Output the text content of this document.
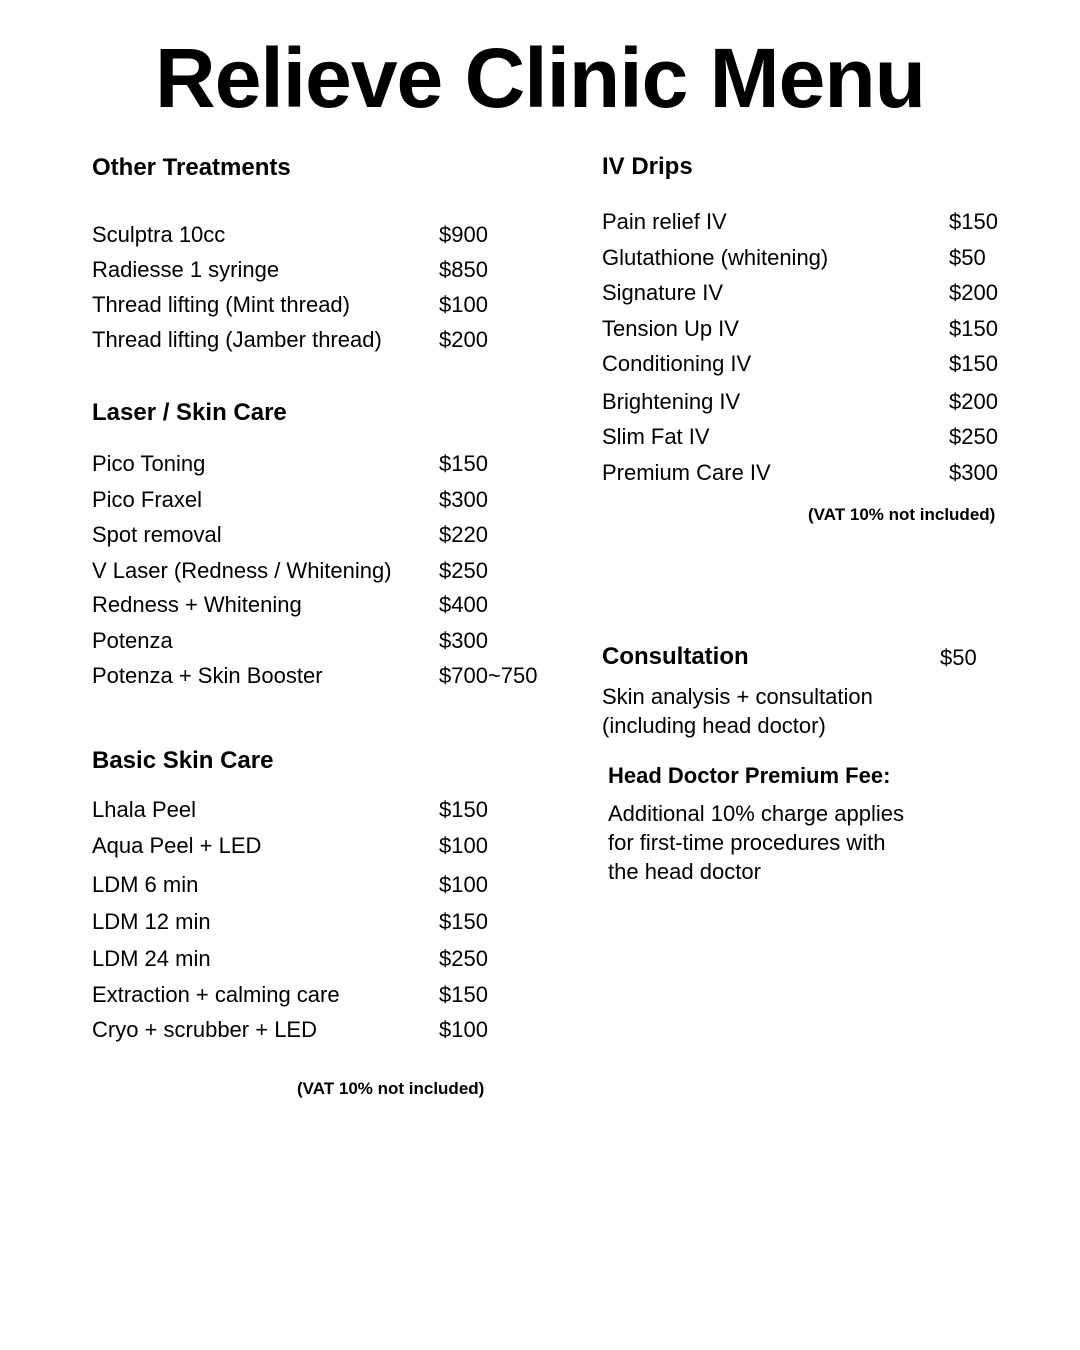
Relieve Clinic Menu
Other Treatments
Sculptra 10cc	$900
Radiesse 1 syringe	$850
Thread lifting (Mint thread)	$100
Thread lifting (Jamber thread)	$200
Laser / Skin Care
Pico Toning	$150
Pico Fraxel	$300
Spot removal	$220
V Laser (Redness / Whitening) $250
Redness + Whitening	$400
Potenza	$300
Potenza + Skin Booster	$700~750
Basic Skin Care
Lhala Peel	$150
Aqua Peel + LED	$100
LDM 6 min	$100
LDM 12 min	$150
LDM 24 min	$250
Extraction + calming care	$150
Cryo + scrubber + LED	$100
(VAT 10% not included)
IV Drips
Pain relief IV	$150
Glutathione (whitening)	$50
Signature IV	$200
Tension Up IV	$150
Conditioning IV	$150
Brightening IV	$200
Slim Fat IV	$250
Premium Care IV	$300
(VAT 10% not included)
Consultation	$50
Skin analysis + consultation
(including head doctor)
Head Doctor Premium Fee:
Additional 10% charge applies
for first-time procedures with
the head doctor
